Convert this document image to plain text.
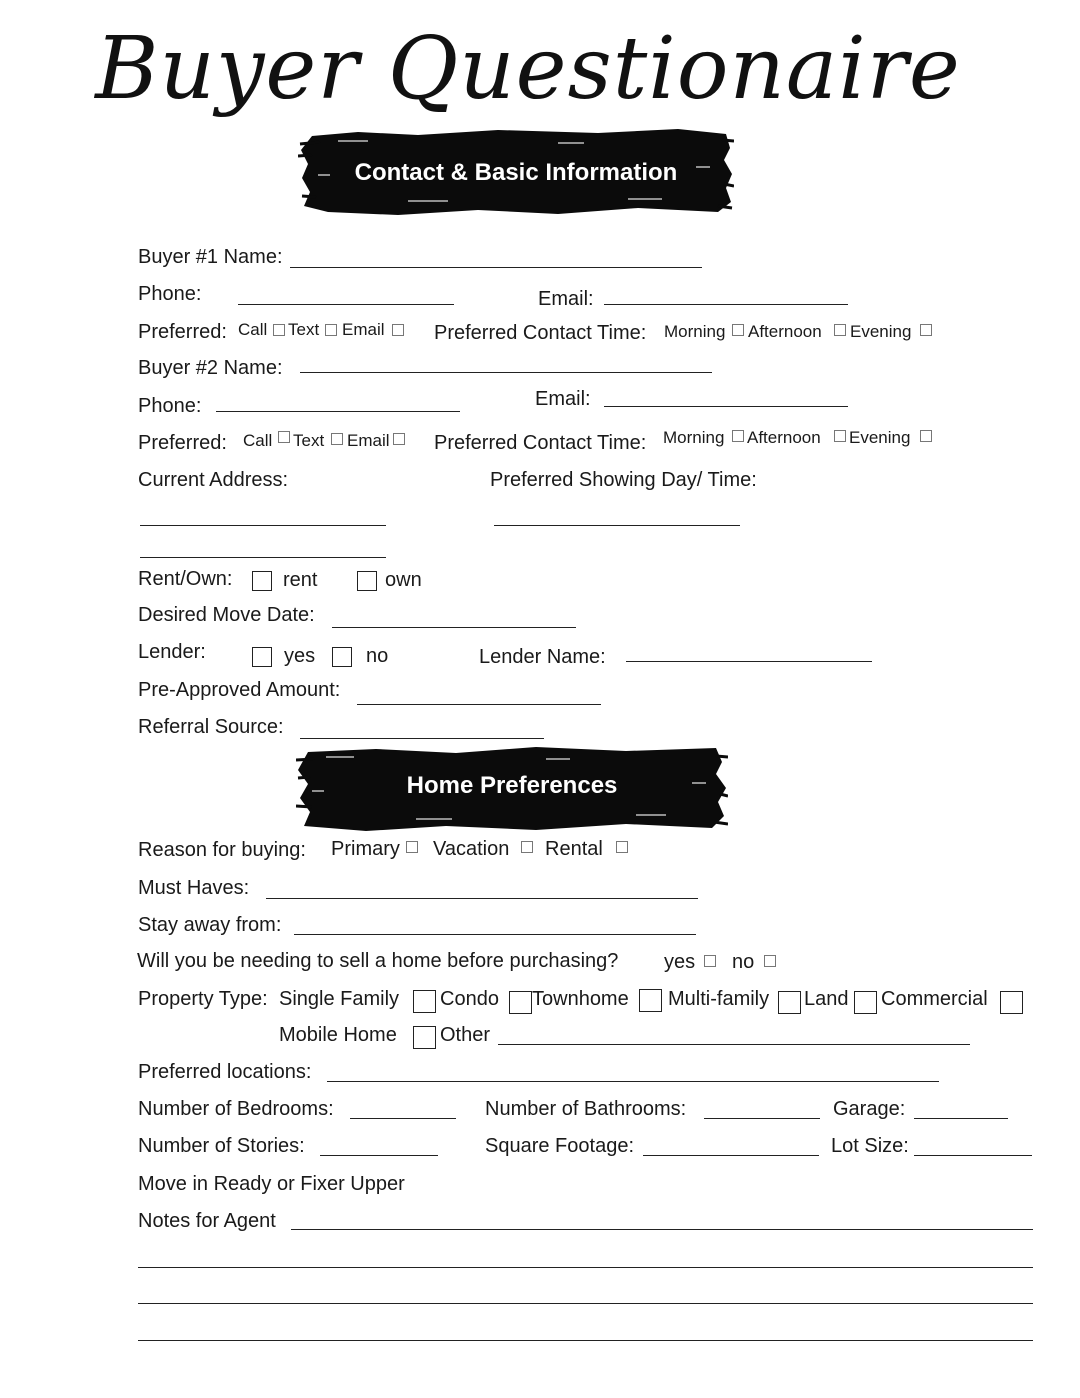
Buyer Questionaire
Contact & Basic Information
Buyer #1 Name:
Phone:	Email:
Preferred: Call Text Email Preferred Contact Time: Morning Afternoon Evening
Buyer #2 Name:
Phone:	Email:
Preferred: Call Text Email Preferred Contact Time: Morning Afternoon Evening
Current Address:	Preferred Showing Day/ Time:
Rent/Own:	rent	own
Desired Move Date:
Lender:	yes	no	Lender Name:
Pre-Approved Amount:
Referral Source:
Home Preferences
Reason for buying: Primary Vacation Rental
Must Haves:
Stay away from:
Will you be needing to sell a home before purchasing? yes no
Property Type: Single Family Condo Townhome Multi-family Land Commercial
Mobile Home Other
Preferred locations:
Number of Bedrooms:	Number of Bathrooms:	Garage:
Number of Stories:	Square Footage:	Lot Size:
Move in Ready or Fixer Upper
Notes for Agent
